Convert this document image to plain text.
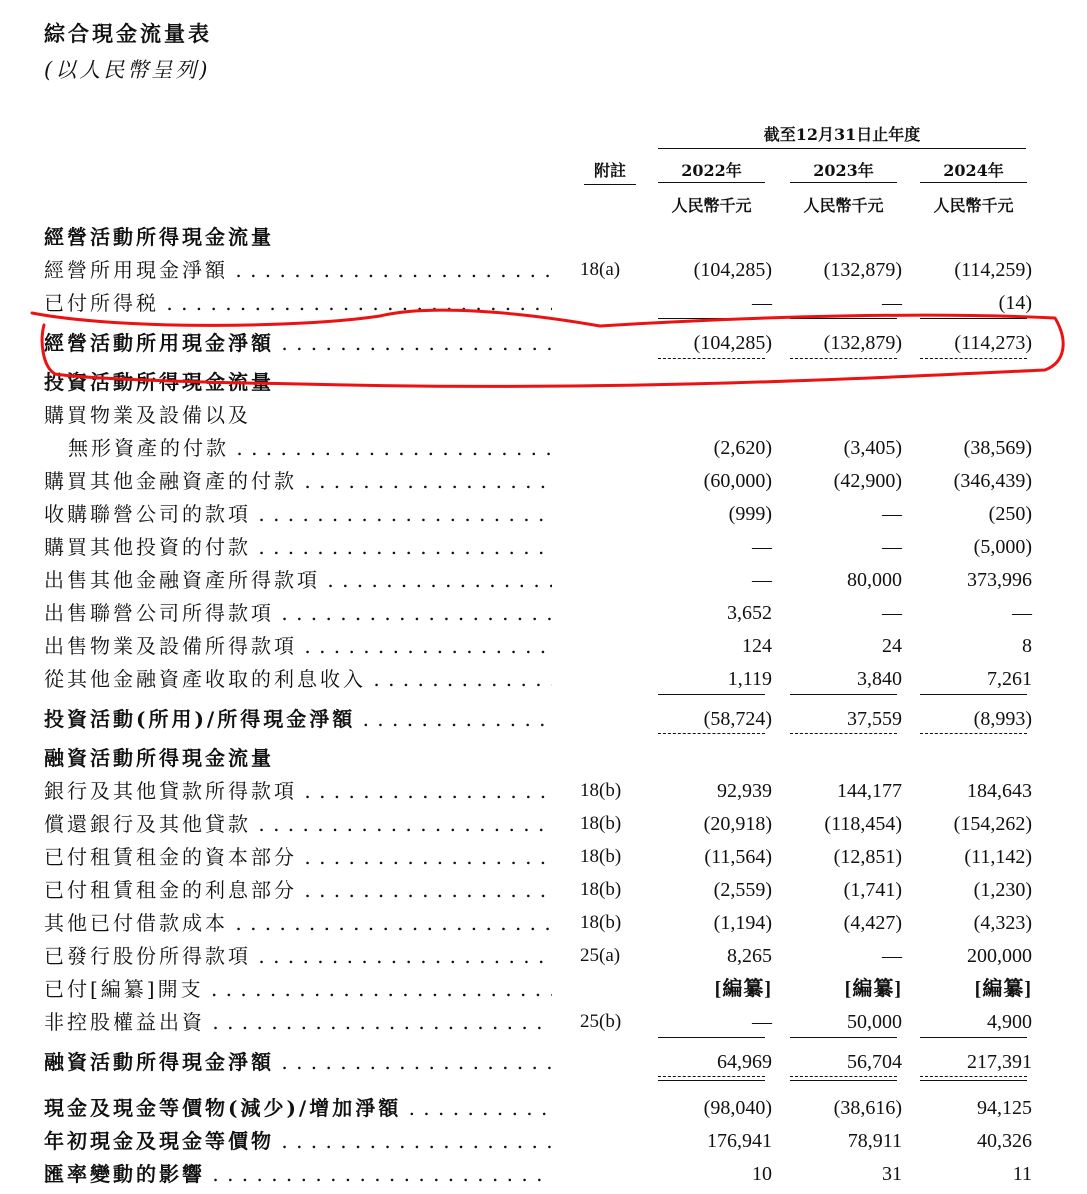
綜合現金流量表
(以人民幣呈列)
截至12月31日止年度
附註	2022年	2023年	2024年
人民幣千元	人民幣千元	人民幣千元
經營活動所得現金流量
經營所用現金淨額 . . .	18(a)	(104,285)	(132,879)	(114,259)
已付所得税 . . .	—	—	(14)
經營活動所用現金淨額 . . .	(104,285)	(132,879)	(114,273)
投資活動所得現金流量
購買物業及設備以及
無形資產的付款 . . .	(2,620)	(3,405)	(38,569)
購買其他金融資產的付款 . . .	(60,000)	(42,900)	(346,439)
收購聯營公司的款項 . . .	(999)	—	(250)
購買其他投資的付款 . . .	—	—	(5,000)
出售其他金融資產所得款項 . . .	—	80,000	373,996
出售聯營公司所得款項 . . .	3,652	—	—
出售物業及設備所得款項 . . .	124	24	8
從其他金融資產收取的利息收入 . . .	1,119	3,840	7,261
投資活動(所用)/所得現金淨額 . . .	(58,724)	37,559	(8,993)
融資活動所得現金流量
銀行及其他貸款所得款項 . . .	18(b)	92,939	144,177	184,643
償還銀行及其他貸款 . . .	18(b)	(20,918)	(118,454)	(154,262)
已付租賃租金的資本部分 . . .	18(b)	(11,564)	(12,851)	(11,142)
已付租賃租金的利息部分 . . .	18(b)	(2,559)	(1,741)	(1,230)
其他已付借款成本 . . .	18(b)	(1,194)	(4,427)	(4,323)
已發行股份所得款項 . . .	25(a)	8,265	—	200,000
已付[編纂]開支 . . .	[編纂]	[編纂]	[編纂]
非控股權益出資 . . .	25(b)	—	50,000	4,900
融資活動所得現金淨額 . . .	64,969	56,704	217,391
現金及現金等價物(減少)/增加淨額 . . .	(98,040)	(38,616)	94,125
年初現金及現金等價物 . . .	176,941	78,911	40,326
匯率變動的影響 . . .	10	31	11
